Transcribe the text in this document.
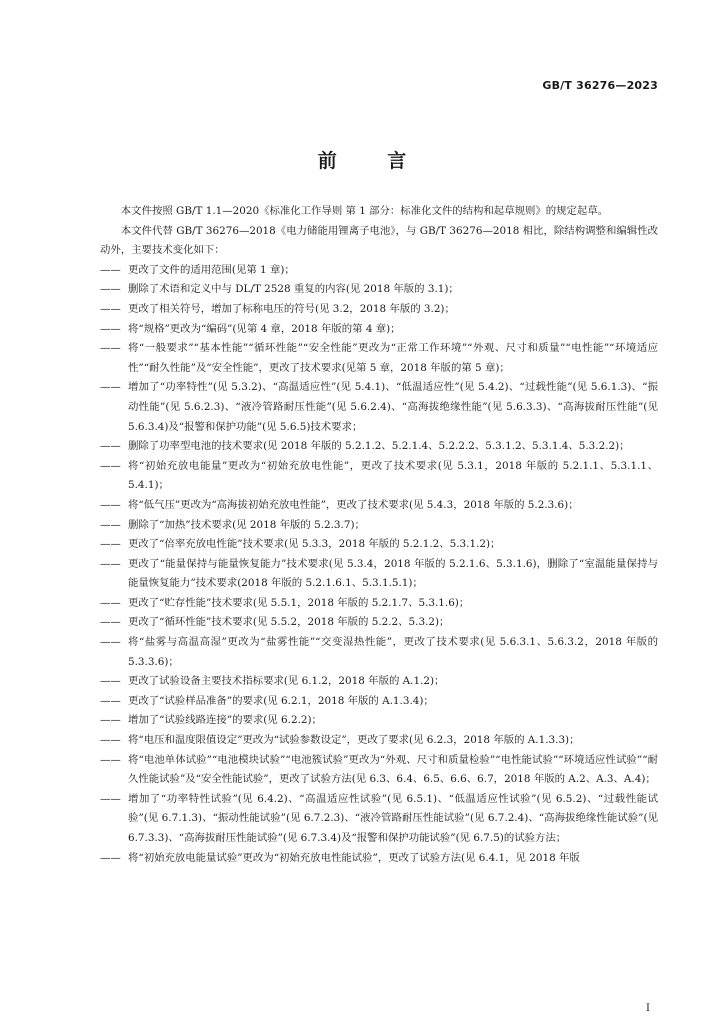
GB/T 36276—2023
前 言

本文件按照 GB/T 1.1—2020《标准化工作导则 第 1 部分：标准化文件的结构和起草规则》的规定起草。

本文件代替 GB/T 36276—2018《电力储能用锂离子电池》，与 GB/T 36276—2018 相比，除结构调整和编辑性改动外，主要技术变化如下：

—— 更改了文件的适用范围(见第 1 章)；
—— 删除了术语和定义中与 DL/T 2528 重复的内容(见 2018 年版的 3.1)；
—— 更改了相关符号，增加了标称电压的符号(见 3.2，2018 年版的 3.2)；
—— 将“规格”更改为“编码”(见第 4 章，2018 年版的第 4 章)；
—— 将“一般要求”“基本性能”“循环性能”“安全性能”更改为“正常工作环境”“外观、尺寸和质量”“电性能”“环境适应性”“耐久性能”及“安全性能”，更改了技术要求(见第 5 章，2018 年版的第 5 章)；
—— 增加了“功率特性”(见 5.3.2)、“高温适应性”(见 5.4.1)、“低温适应性”(见 5.4.2)、“过载性能”(见 5.6.1.3)、“振动性能”(见 5.6.2.3)、“液冷管路耐压性能”(见 5.6.2.4)、“高海拔绝缘性能”(见 5.6.3.3)、“高海拔耐压性能”(见 5.6.3.4)及“报警和保护功能”(见 5.6.5)技术要求；
—— 删除了功率型电池的技术要求(见 2018 年版的 5.2.1.2、5.2.1.4、5.2.2.2、5.3.1.2、5.3.1.4、5.3.2.2)；
—— 将“初始充放电能量”更改为“初始充放电性能”，更改了技术要求(见 5.3.1，2018 年版的 5.2.1.1、5.3.1.1、5.4.1)；
—— 将“低气压”更改为“高海拔初始充放电性能”，更改了技术要求(见 5.4.3，2018 年版的 5.2.3.6)；
—— 删除了“加热”技术要求(见 2018 年版的 5.2.3.7)；
—— 更改了“倍率充放电性能”技术要求(见 5.3.3，2018 年版的 5.2.1.2、5.3.1.2)；
—— 更改了“能量保持与能量恢复能力”技术要求(见 5.3.4，2018 年版的 5.2.1.6、5.3.1.6)，删除了“室温能量保持与能量恢复能力”技术要求(2018 年版的 5.2.1.6.1、5.3.1.5.1)；
—— 更改了“贮存性能”技术要求(见 5.5.1，2018 年版的 5.2.1.7、5.3.1.6)；
—— 更改了“循环性能”技术要求(见 5.5.2，2018 年版的 5.2.2、5.3.2)；
—— 将“盐雾与高温高湿”更改为“盐雾性能”“交变湿热性能”，更改了技术要求(见 5.6.3.1、5.6.3.2，2018 年版的 5.3.3.6)；
—— 更改了试验设备主要技术指标要求(见 6.1.2，2018 年版的 A.1.2)；
—— 更改了“试验样品准备”的要求(见 6.2.1，2018 年版的 A.1.3.4)；
—— 增加了“试验线路连接”的要求(见 6.2.2)；
—— 将“电压和温度限值设定”更改为“试验参数设定”，更改了要求(见 6.2.3，2018 年版的 A.1.3.3)；
—— 将“电池单体试验”“电池模块试验”“电池簇试验”更改为“外观、尺寸和质量检验”“电性能试验”“环境适应性试验”“耐久性能试验”及“安全性能试验”，更改了试验方法(见 6.3、6.4、6.5、6.6、6.7，2018 年版的 A.2、A.3、A.4)；
—— 增加了“功率特性试验”(见 6.4.2)、“高温适应性试验”(见 6.5.1)、“低温适应性试验”(见 6.5.2)、“过载性能试验”(见 6.7.1.3)、“振动性能试验”(见 6.7.2.3)、“液冷管路耐压性能试验”(见 6.7.2.4)、“高海拔绝缘性能试验”(见 6.7.3.3)、“高海拔耐压性能试验”(见 6.7.3.4)及“报警和保护功能试验”(见 6.7.5)的试验方法；
—— 将“初始充放电能量试验”更改为“初始充放电性能试验”，更改了试验方法(见 6.4.1，见 2018 年版
I
